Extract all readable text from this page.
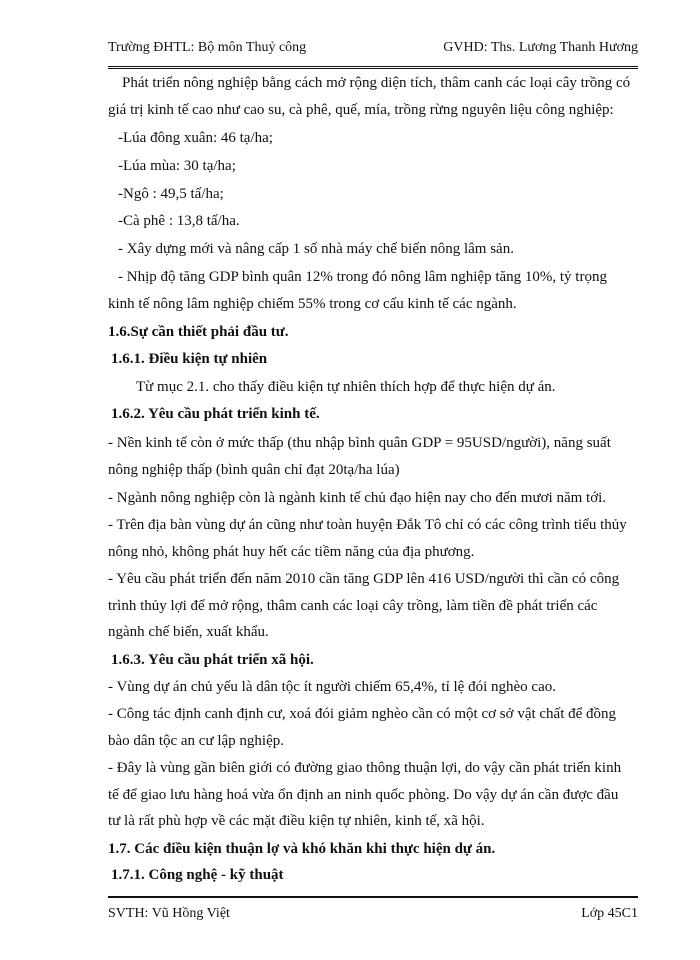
Trường ĐHTL: Bộ môn Thuỷ công	GVHD: Ths. Lương Thanh Hương
Phát triển nông nghiệp bằng cách mở rộng diện tích, thâm canh các loại cây trồng có
giá trị kinh tế cao như cao su, cà phê, quế, mía, trồng rừng nguyên liệu công nghiệp:
-Lúa đông xuân: 46 tạ/ha;
-Lúa mùa: 30 tạ/ha;
-Ngô : 49,5 tấ/ha;
-Cà phê : 13,8 tấ/ha.
- Xây dựng mới và nâng cấp 1 số nhà máy chế biến nông lâm sản.
- Nhịp độ tăng GDP bình quân 12% trong đó nông lâm nghiệp tăng 10%, tỷ trọng
kinh tế nông lâm nghiệp chiếm 55% trong cơ cấu kinh tế các ngành.
1.6.Sự cần thiết phải đầu tư.
1.6.1. Điều kiện tự nhiên
Từ mục 2.1. cho thấy điều kiện tự nhiên thích hợp để thực hiện dự án.
1.6.2. Yêu cầu phát triển kinh tế.
- Nền kinh tế còn ở mức thấp (thu nhập bình quân GDP = 95USD/người), năng suất
nông nghiệp thấp (bình quân chỉ đạt 20tạ/ha lúa)
- Ngành nông nghiệp còn là ngành kinh tế chủ đạo hiện nay cho đến mươi năm tới.
- Trên địa bàn vùng dự án cũng như toàn huyện Đắk Tô chỉ có các công trình tiểu thủy
nông nhỏ, không phát huy hết các tiềm năng của địa phương.
- Yêu cầu phát triển đến năm 2010 cần tăng GDP lên 416 USD/người thì cần có công
trình thủy lợi để mở rộng, thâm canh các loại cây trồng, làm tiền đề phát triển các
ngành chế biến, xuất khẩu.
1.6.3. Yêu cầu phát triển xã hội.
- Vùng dự án chủ yếu là dân tộc ít người chiếm 65,4%, tỉ lệ đói nghèo cao.
- Công tác định canh định cư, xoá đói giảm nghèo cần có một cơ sở vật chất để đồng
bào dân tộc an cư lập nghiệp.
- Đây là vùng gần biên giới có đường giao thông thuận lợi, do vậy cần phát triển kinh
tế để giao lưu hàng hoá vừa ổn định an ninh quốc phòng. Do vậy dự án cần được đầu
tư là rất phù hợp về các mặt điều kiện tự nhiên, kinh tế, xã hội.
1.7. Các điều kiện thuận lợ và khó khăn khi thực hiện dự án.
1.7.1. Công nghệ - kỹ thuật
SVTH: Vũ Hồng Việt	Lớp 45C1
